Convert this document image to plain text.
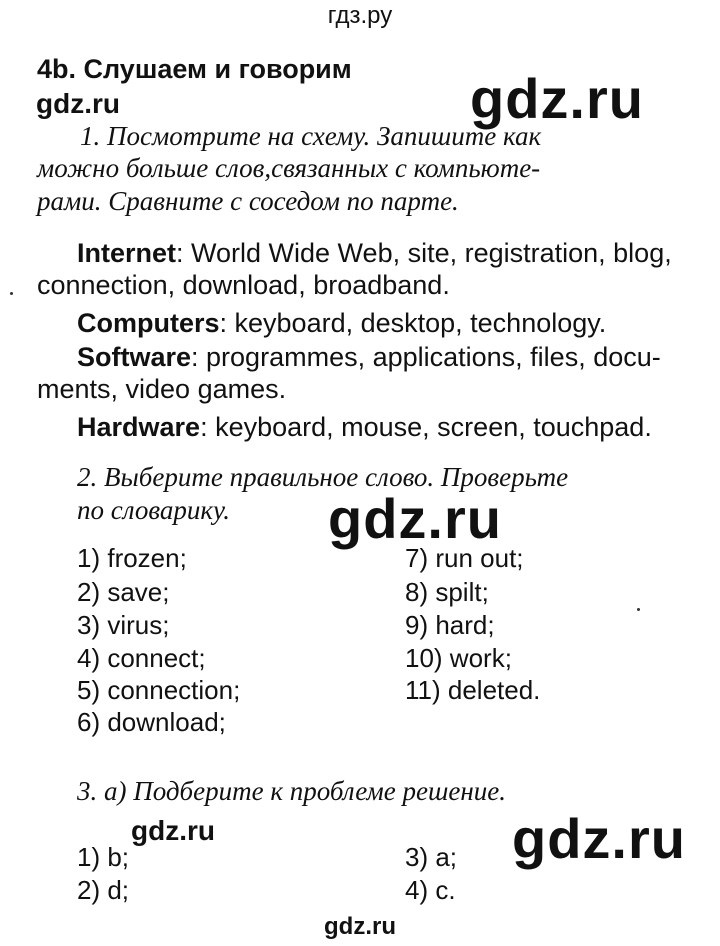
гдз.ру
4b. Слушаем и говорим
gdz.ru	gdz.ru
1. Посмотрите на схему. Запишите как
можно больше слов,связанных с компьюте-
рами. Сравните с соседом по парте.
Internet: World Wide Web, site, registration, blog,
connection, download, broadband.
Computers: keyboard, desktop, technology.
Software: programmes, applications, files, docu-
ments, video games.
Hardware: keyboard, mouse, screen, touchpad.
2. Выберите правильное слово. Проверьте
по словарику. gdz.ru
1) frozen;
2) save;
3) virus;
4) connect;
5) connection;
6) download;
7) run out;
8) spilt;
9) hard;
10) work;
11) deleted.
3. а) Подберите к проблеме решение.
gdz.ru	gdz.ru
1) b;
2) d;
3) a;
4) c.
gdz.ru
